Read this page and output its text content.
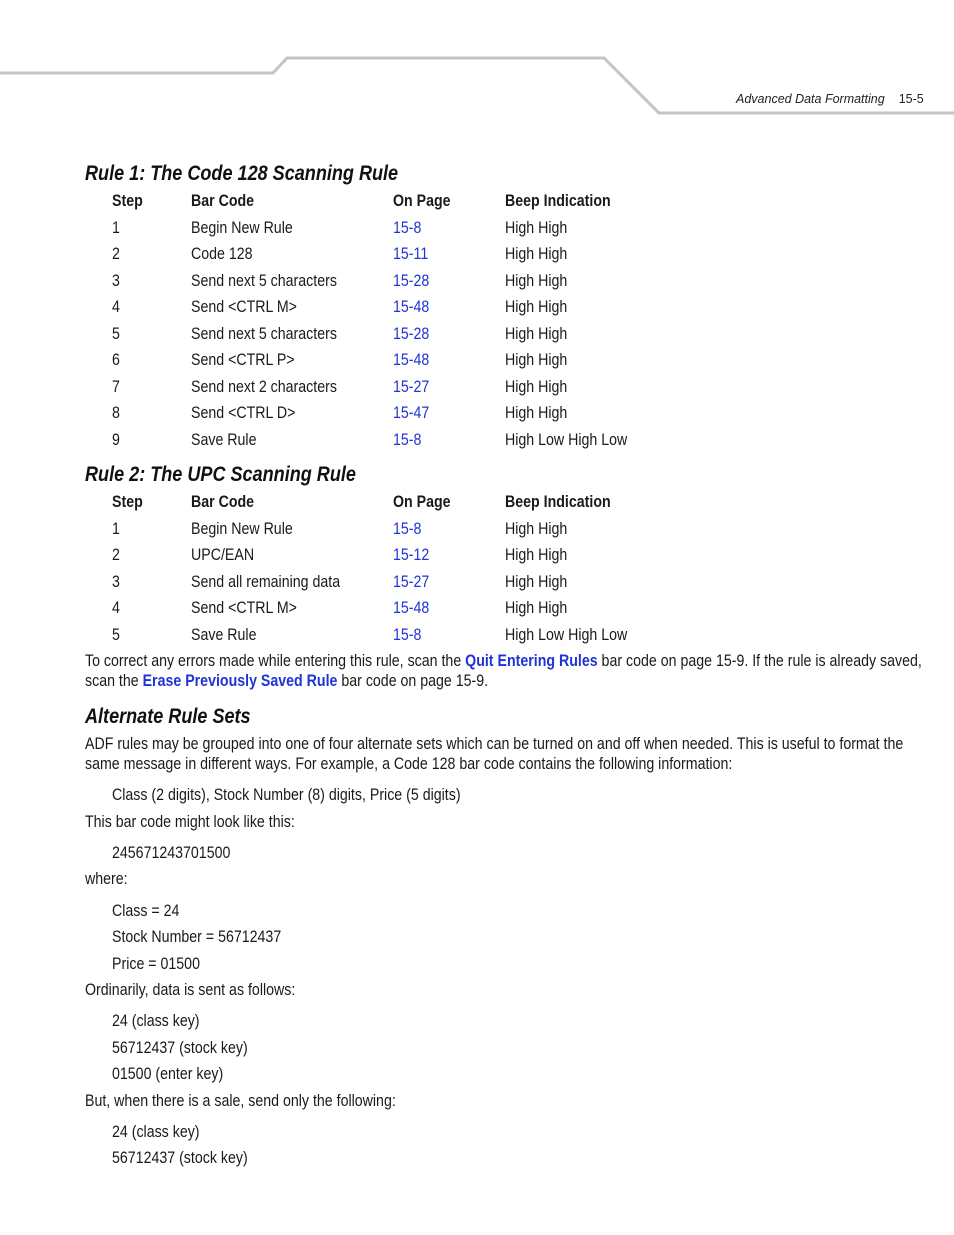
Advanced Data Formatting 15-5
Rule 1: The Code 128 Scanning Rule
Step	Bar Code	On Page	Beep Indication
1	Begin New Rule	15-8	High High
2	Code 128	15-11	High High
3	Send next 5 characters	15-28	High High
4	Send <CTRL M>	15-48	High High
5	Send next 5 characters	15-28	High High
6	Send <CTRL P>	15-48	High High
7	Send next 2 characters	15-27	High High
8	Send <CTRL D>	15-47	High High
9	Save Rule	15-8	High Low High Low
Rule 2: The UPC Scanning Rule
Step	Bar Code	On Page	Beep Indication
1	Begin New Rule	15-8	High High
2	UPC/EAN	15-12	High High
3	Send all remaining data	15-27	High High
4	Send <CTRL M>	15-48	High High
5	Save Rule	15-8	High Low High Low

To correct any errors made while entering this rule, scan the Quit Entering Rules bar code on page 15-9. If the rule is already saved, scan the Erase Previously Saved Rule bar code on page 15-9.

Alternate Rule Sets

ADF rules may be grouped into one of four alternate sets which can be turned on and off when needed. This is useful to format the same message in different ways. For example, a Code 128 bar code contains the following information:

Class (2 digits), Stock Number (8) digits, Price (5 digits)
This bar code might look like this:
245671243701500
where:
Class = 24
Stock Number = 56712437
Price = 01500
Ordinarily, data is sent as follows:
24 (class key)
56712437 (stock key)
01500 (enter key)
But, when there is a sale, send only the following:
24 (class key)
56712437 (stock key)
